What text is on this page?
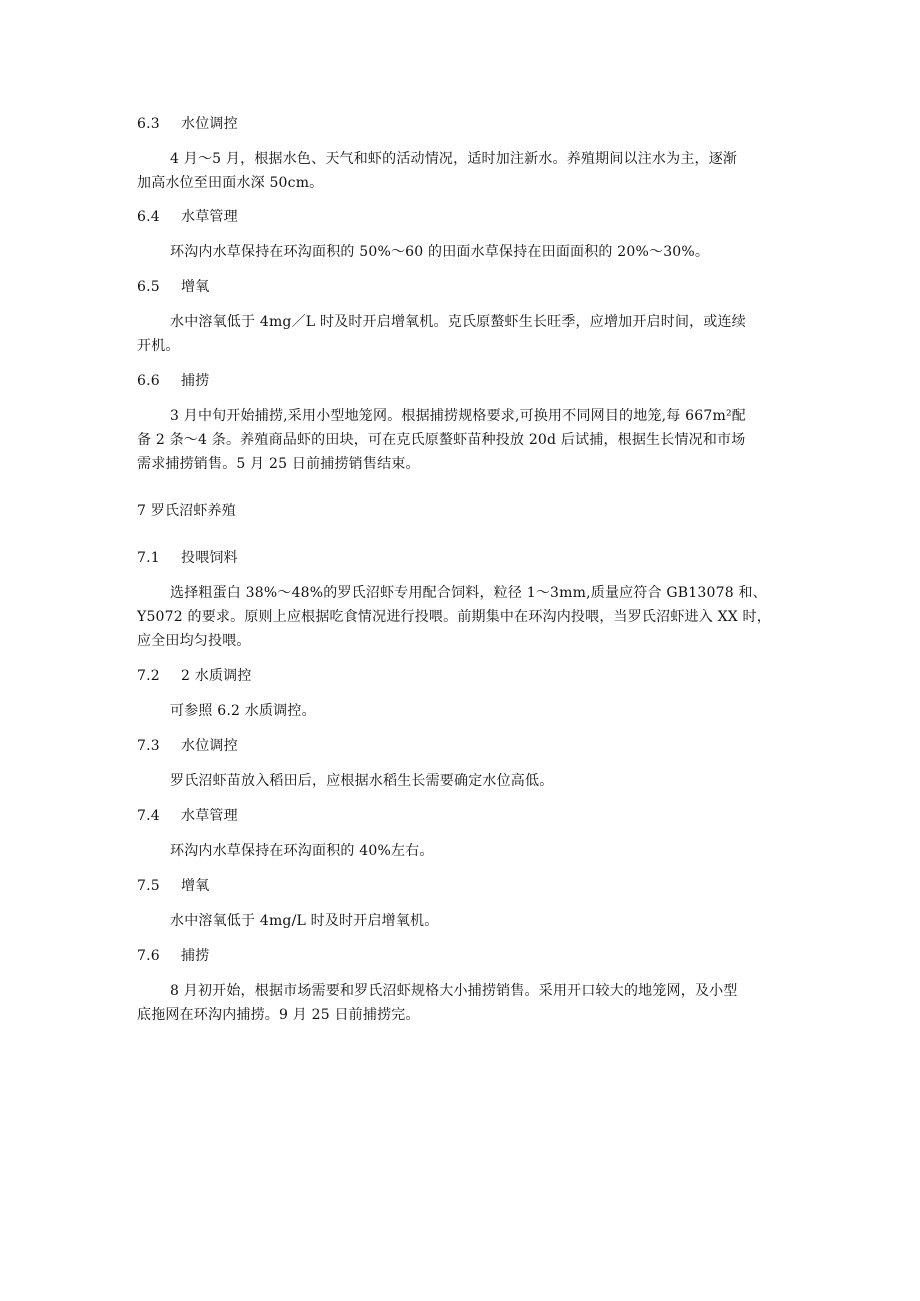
6.3 水位调控
4 月～5 月，根据水色、天气和虾的活动情况，适时加注新水。养殖期间以注水为主，逐渐
加高水位至田面水深 50cm。
6.4 水草管理
环沟内水草保持在环沟面积的 50%～60 的田面水草保持在田面面积的 20%～30%。
6.5 增氧
水中溶氧低于 4mg／L 时及时开启增氧机。克氏原螯虾生长旺季，应增加开启时间，或连续
开机。
6.6 捕捞
3 月中旬开始捕捞,采用小型地笼网。根据捕捞规格要求,可换用不同网目的地笼,每 667m²配
备 2 条～4 条。养殖商品虾的田块，可在克氏原螯虾苗种投放 20d 后试捕，根据生长情况和市场
需求捕捞销售。5 月 25 日前捕捞销售结束。
7 罗氏沼虾养殖
7.1 投喂饲料
选择粗蛋白 38%～48%的罗氏沼虾专用配合饲料，粒径 1～3mm,质量应符合 GB13078 和、
Y5072 的要求。原则上应根据吃食情况进行投喂。前期集中在环沟内投喂，当罗氏沼虾进入 XX 时，
应全田均匀投喂。
7.2 2 水质调控
可参照 6.2 水质调控。
7.3 水位调控
罗氏沼虾苗放入稻田后，应根据水稻生长需要确定水位高低。
7.4 水草管理
环沟内水草保持在环沟面积的 40%左右。
7.5 增氧
水中溶氧低于 4mg/L 时及时开启增氧机。
7.6 捕捞
8 月初开始，根据市场需要和罗氏沼虾规格大小捕捞销售。采用开口较大的地笼网，及小型
底拖网在环沟内捕捞。9 月 25 日前捕捞完。
